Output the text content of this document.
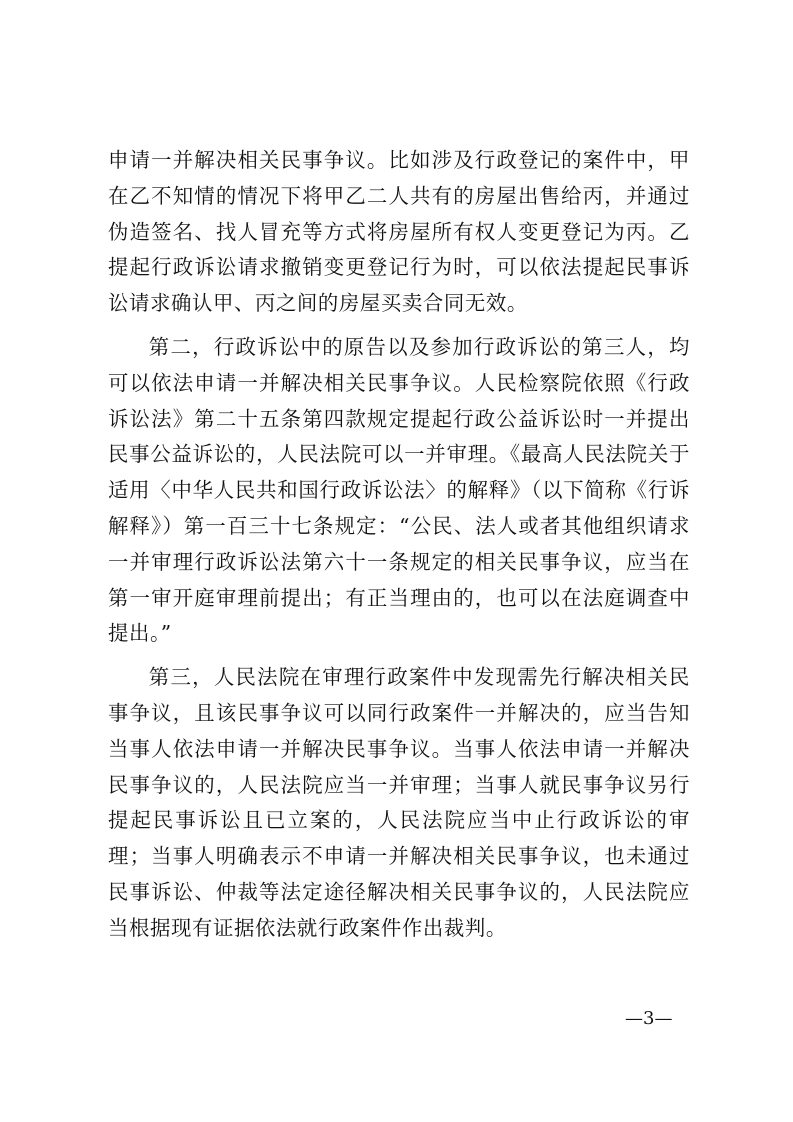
申请一并解决相关民事争议。比如涉及行政登记的案件中，甲在乙不知情的情况下将甲乙二人共有的房屋出售给丙，并通过伪造签名、找人冒充等方式将房屋所有权人变更登记为丙。乙提起行政诉讼请求撤销变更登记行为时，可以依法提起民事诉讼请求确认甲、丙之间的房屋买卖合同无效。

第二，行政诉讼中的原告以及参加行政诉讼的第三人，均可以依法申请一并解决相关民事争议。人民检察院依照《行政诉讼法》第二十五条第四款规定提起行政公益诉讼时一并提出民事公益诉讼的，人民法院可以一并审理。《最高人民法院关于适用〈中华人民共和国行政诉讼法〉的解释》（以下简称《行诉解释》）第一百三十七条规定：“公民、法人或者其他组织请求一并审理行政诉讼法第六十一条规定的相关民事争议，应当在第一审开庭审理前提出；有正当理由的，也可以在法庭调查中提出。”

第三，人民法院在审理行政案件中发现需先行解决相关民事争议，且该民事争议可以同行政案件一并解决的，应当告知当事人依法申请一并解决民事争议。当事人依法申请一并解决民事争议的，人民法院应当一并审理；当事人就民事争议另行提起民事诉讼且已立案的，人民法院应当中止行政诉讼的审理；当事人明确表示不申请一并解决相关民事争议，也未通过民事诉讼、仲裁等法定途径解决相关民事争议的，人民法院应当根据现有证据依法就行政案件作出裁判。

—3—
